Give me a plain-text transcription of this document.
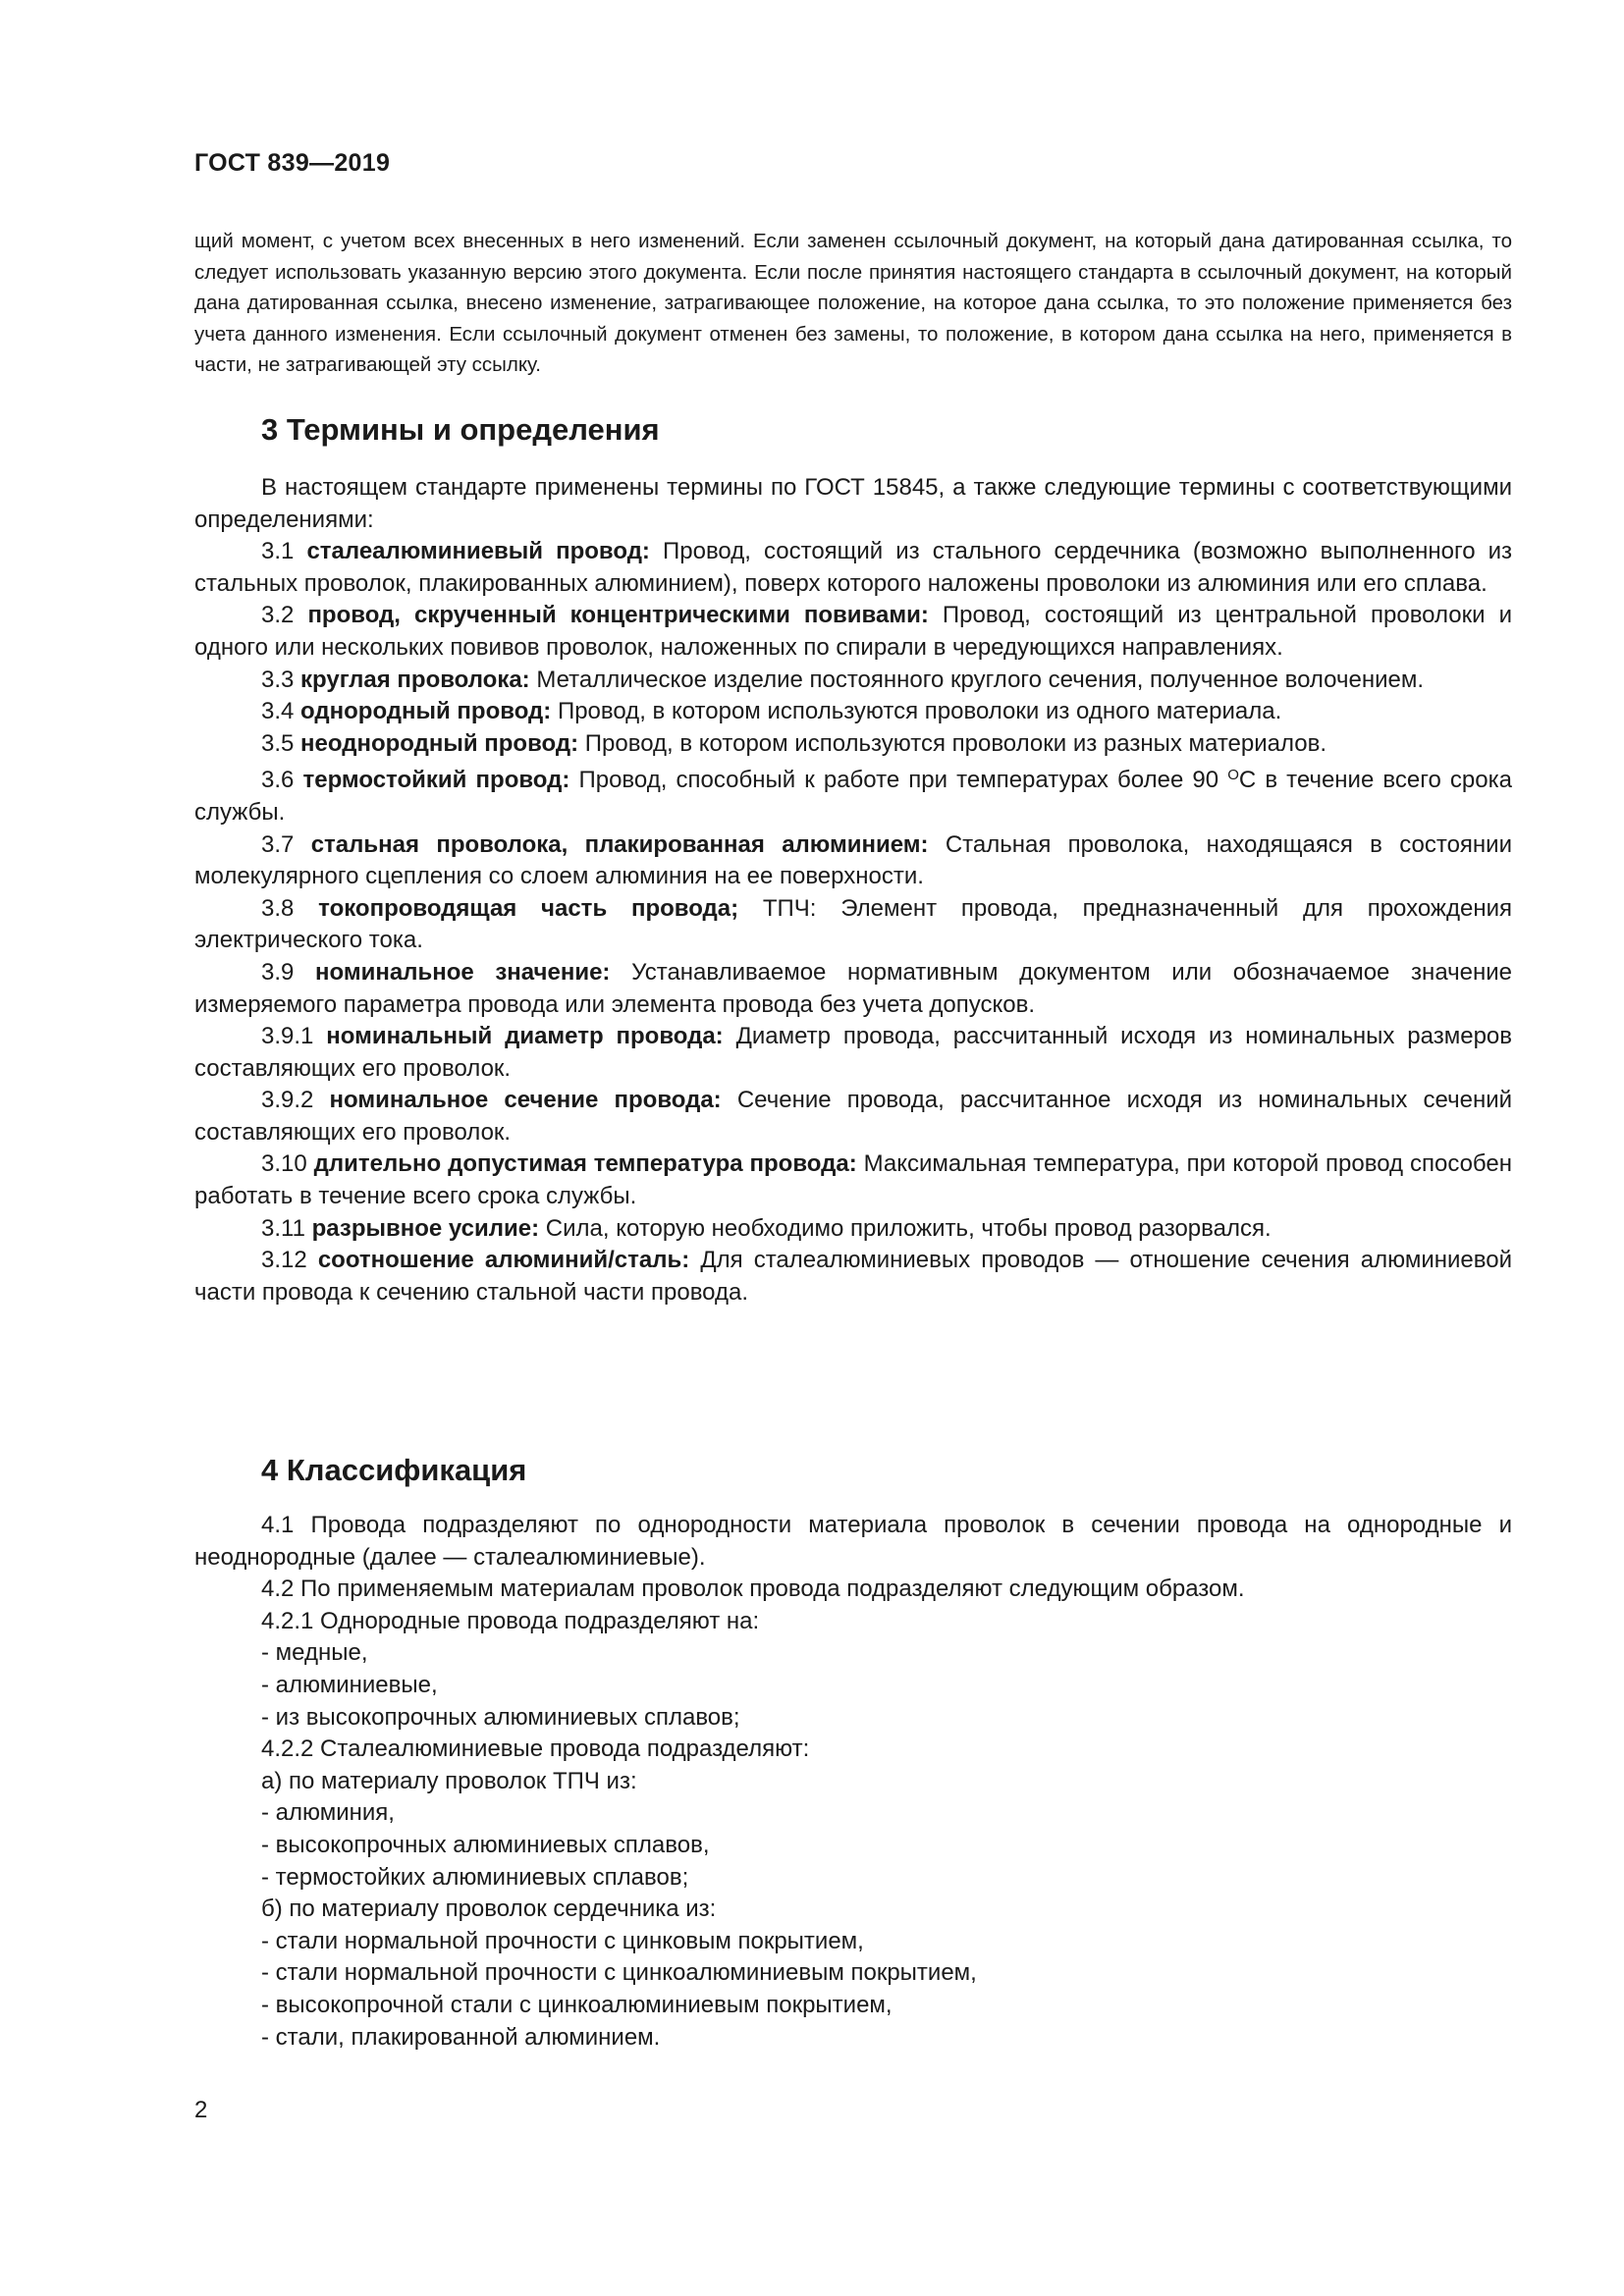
ГОСТ 839—2019
щий момент, с учетом всех внесенных в него изменений. Если заменен ссылочный документ, на который дана датированная ссылка, то следует использовать указанную версию этого документа. Если после принятия настоящего стандарта в ссылочный документ, на который дана датированная ссылка, внесено изменение, затрагивающее положение, на которое дана ссылка, то это положение применяется без учета данного изменения. Если ссылочный документ отменен без замены, то положение, в котором дана ссылка на него, применяется в части, не затрагивающей эту ссылку.
3 Термины и определения

В настоящем стандарте применены термины по ГОСТ 15845, а также следующие термины с соответствующими определениями:

3.1 сталеалюминиевый провод: Провод, состоящий из стального сердечника (возможно выполненного из стальных проволок, плакированных алюминием), поверх которого наложены проволоки из алюминия или его сплава.

3.2 провод, скрученный концентрическими повивами: Провод, состоящий из центральной проволоки и одного или нескольких повивов проволок, наложенных по спирали в чередующихся направлениях.

3.3 круглая проволока: Металлическое изделие постоянного круглого сечения, полученное волочением.

3.4 однородный провод: Провод, в котором используются проволоки из одного материала.

3.5 неоднородный провод: Провод, в котором используются проволоки из разных материалов.

3.6 термостойкий провод: Провод, способный к работе при температурах более 90 $^О$С в течение всего срока службы.

3.7 стальная проволока, плакированная алюминием: Стальная проволока, находящаяся в состоянии молекулярного сцепления со слоем алюминия на ее поверхности.

3.8 токопроводящая часть провода; ТПЧ: Элемент провода, предназначенный для прохождения электрического тока.

3.9 номинальное значение: Устанавливаемое нормативным документом или обозначаемое значение измеряемого параметра провода или элемента провода без учета допусков.

3.9.1 номинальный диаметр провода: Диаметр провода, рассчитанный исходя из номинальных размеров составляющих его проволок.

3.9.2 номинальное сечение провода: Сечение провода, рассчитанное исходя из номинальных сечений составляющих его проволок.

3.10 длительно допустимая температура провода: Максимальная температура, при которой провод способен работать в течение всего срока службы.

3.11 разрывное усилие: Сила, которую необходимо приложить, чтобы провод разорвался.

3.12 соотношение алюминий/сталь: Для сталеалюминиевых проводов — отношение сечения алюминиевой части провода к сечению стальной части провода.

4 Классификация

4.1 Провода подразделяют по однородности материала проволок в сечении провода на однородные и неоднородные (далее — сталеалюминиевые).

4.2 По применяемым материалам проволок провода подразделяют следующим образом.

4.2.1 Однородные провода подразделяют на:

- медные,

- алюминиевые,

- из высокопрочных алюминиевых сплавов;

4.2.2 Сталеалюминиевые провода подразделяют:

а) по материалу проволок ТПЧ из:

- алюминия,

- высокопрочных алюминиевых сплавов,

- термостойких алюминиевых сплавов;

б) по материалу проволок сердечника из:

- стали нормальной прочности с цинковым покрытием,

- стали нормальной прочности с цинкоалюминиевым покрытием,

- высокопрочной стали с цинкоалюминиевым покрытием,

- стали, плакированной алюминием.

2
